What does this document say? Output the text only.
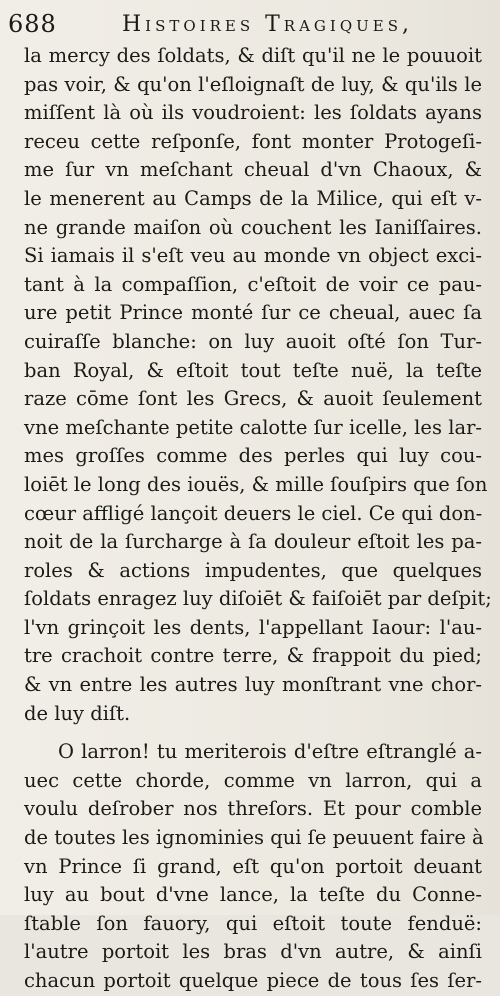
688	Histoires Tragiques,
la mercy des ſoldats, & diſt qu'il ne le pouuoit
pas voir, & qu'on l'eſloignaſt de luy, & qu'ils le
miſſent là où ils voudroient: les ſoldats ayans
receu cette reſponſe, font monter Protogeſi-
me ſur vn meſchant cheual d'vn Chaoux, &
le menerent au Camps de la Milice, qui eſt v-
ne grande maiſon où couchent les Ianiſſaires.
Si iamais il s'eſt veu au monde vn object exci-
tant à la compaſſion, c'eſtoit de voir ce pau-
ure petit Prince monté ſur ce cheual, auec ſa
cuiraſſe blanche: on luy auoit oſté ſon Tur-
ban Royal, & eſtoit tout teſte nuë, la teſte
raze cōme ſont les Grecs, & auoit ſeulement
vne meſchante petite calotte ſur icelle, les lar-
mes groſſes comme des perles qui luy cou-
loiēt le long des iouës, & mille ſouſpirs que ſon
cœur affligé lançoit deuers le ciel. Ce qui don-
noit de la ſurcharge à ſa douleur eſtoit les pa-
roles & actions impudentes, que quelques
ſoldats enragez luy diſoiēt & faiſoiēt par deſpit;
l'vn grinçoit les dents, l'appellant Iaour: l'au-
tre crachoit contre terre, & frappoit du pied;
& vn entre les autres luy monſtrant vne chor-
de luy diſt.
O larron! tu meriterois d'eſtre eſtranglé a-
uec cette chorde, comme vn larron, qui a
voulu deſrober nos threſors. Et pour comble
de toutes les ignominies qui ſe peuuent faire à
vn Prince ſi grand, eſt qu'on portoit deuant
luy au bout d'vne lance, la teſte du Conne-
ſtable ſon fauory, qui eſtoit toute fenduë:
l'autre portoit les bras d'vn autre, & ainſi
chacun portoit quelque piece de tous ſes ſer-
